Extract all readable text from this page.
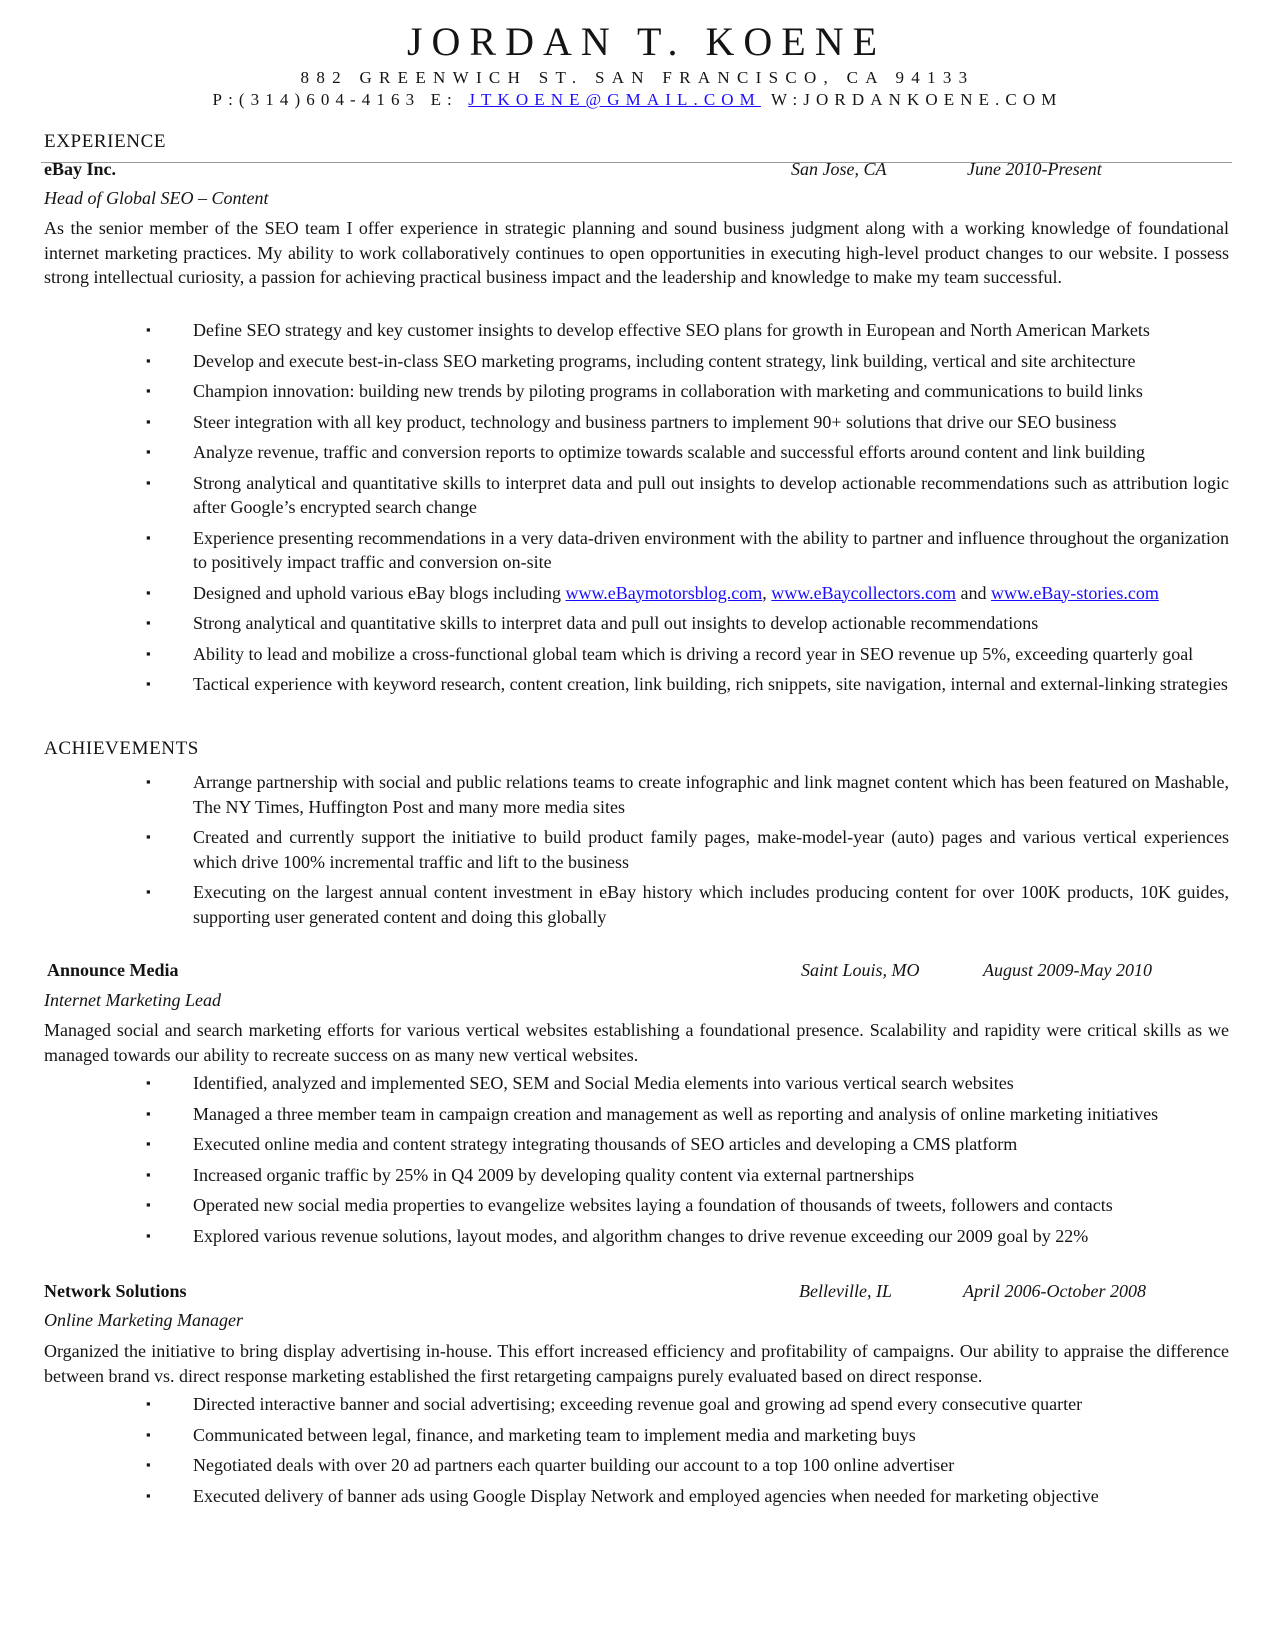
JORDAN T. KOENE
882 GREENWICH ST. SAN FRANCISCO, CA 94133
P:(314)604-4163 E: JTKOENE@GMAIL.COM W:JORDANKOENE.COM
EXPERIENCE
eBay Inc.	San Jose, CA	June 2010-Present
Head of Global SEO – Content

As the senior member of the SEO team I offer experience in strategic planning and sound business judgment along with a working knowledge of foundational internet marketing practices. My ability to work collaboratively continues to open opportunities in executing high-level product changes to our website. I possess strong intellectual curiosity, a passion for achieving practical business impact and the leadership and knowledge to make my team successful.

▪ Define SEO strategy and key customer insights to develop effective SEO plans for growth in European and North American Markets
▪ Develop and execute best-in-class SEO marketing programs, including content strategy, link building, vertical and site architecture
▪ Champion innovation: building new trends by piloting programs in collaboration with marketing and communications to build links
▪ Steer integration with all key product, technology and business partners to implement 90+ solutions that drive our SEO business
▪ Analyze revenue, traffic and conversion reports to optimize towards scalable and successful efforts around content and link building
▪ Strong analytical and quantitative skills to interpret data and pull out insights to develop actionable recommendations such as attribution logic after Google’s encrypted search change
▪ Experience presenting recommendations in a very data-driven environment with the ability to partner and influence throughout the organization to positively impact traffic and conversion on-site
▪ Designed and uphold various eBay blogs including www.eBaymotorsblog.com, www.eBaycollectors.com and www.eBay-stories.com
▪ Strong analytical and quantitative skills to interpret data and pull out insights to develop actionable recommendations
▪ Ability to lead and mobilize a cross-functional global team which is driving a record year in SEO revenue up 5%, exceeding quarterly goal
▪ Tactical experience with keyword research, content creation, link building, rich snippets, site navigation, internal and external-linking strategies
ACHIEVEMENTS
▪ Arrange partnership with social and public relations teams to create infographic and link magnet content which has been featured on Mashable, The NY Times, Huffington Post and many more media sites
▪ Created and currently support the initiative to build product family pages, make-model-year (auto) pages and various vertical experiences which drive 100% incremental traffic and lift to the business
▪ Executing on the largest annual content investment in eBay history which includes producing content for over 100K products, 10K guides, supporting user generated content and doing this globally
Announce Media	Saint Louis, MO	August 2009-May 2010
Internet Marketing Lead

Managed social and search marketing efforts for various vertical websites establishing a foundational presence. Scalability and rapidity were critical skills as we managed towards our ability to recreate success on as many new vertical websites.

▪ Identified, analyzed and implemented SEO, SEM and Social Media elements into various vertical search websites
▪ Managed a three member team in campaign creation and management as well as reporting and analysis of online marketing initiatives
▪ Executed online media and content strategy integrating thousands of SEO articles and developing a CMS platform
▪ Increased organic traffic by 25% in Q4 2009 by developing quality content via external partnerships
▪ Operated new social media properties to evangelize websites laying a foundation of thousands of tweets, followers and contacts
▪ Explored various revenue solutions, layout modes, and algorithm changes to drive revenue exceeding our 2009 goal by 22%
Network Solutions	Belleville, IL	April 2006-October 2008
Online Marketing Manager

Organized the initiative to bring display advertising in-house. This effort increased efficiency and profitability of campaigns. Our ability to appraise the difference between brand vs. direct response marketing established the first retargeting campaigns purely evaluated based on direct response.

▪ Directed interactive banner and social advertising; exceeding revenue goal and growing ad spend every consecutive quarter
▪ Communicated between legal, finance, and marketing team to implement media and marketing buys
▪ Negotiated deals with over 20 ad partners each quarter building our account to a top 100 online advertiser
▪ Executed delivery of banner ads using Google Display Network and employed agencies when needed for marketing objective
